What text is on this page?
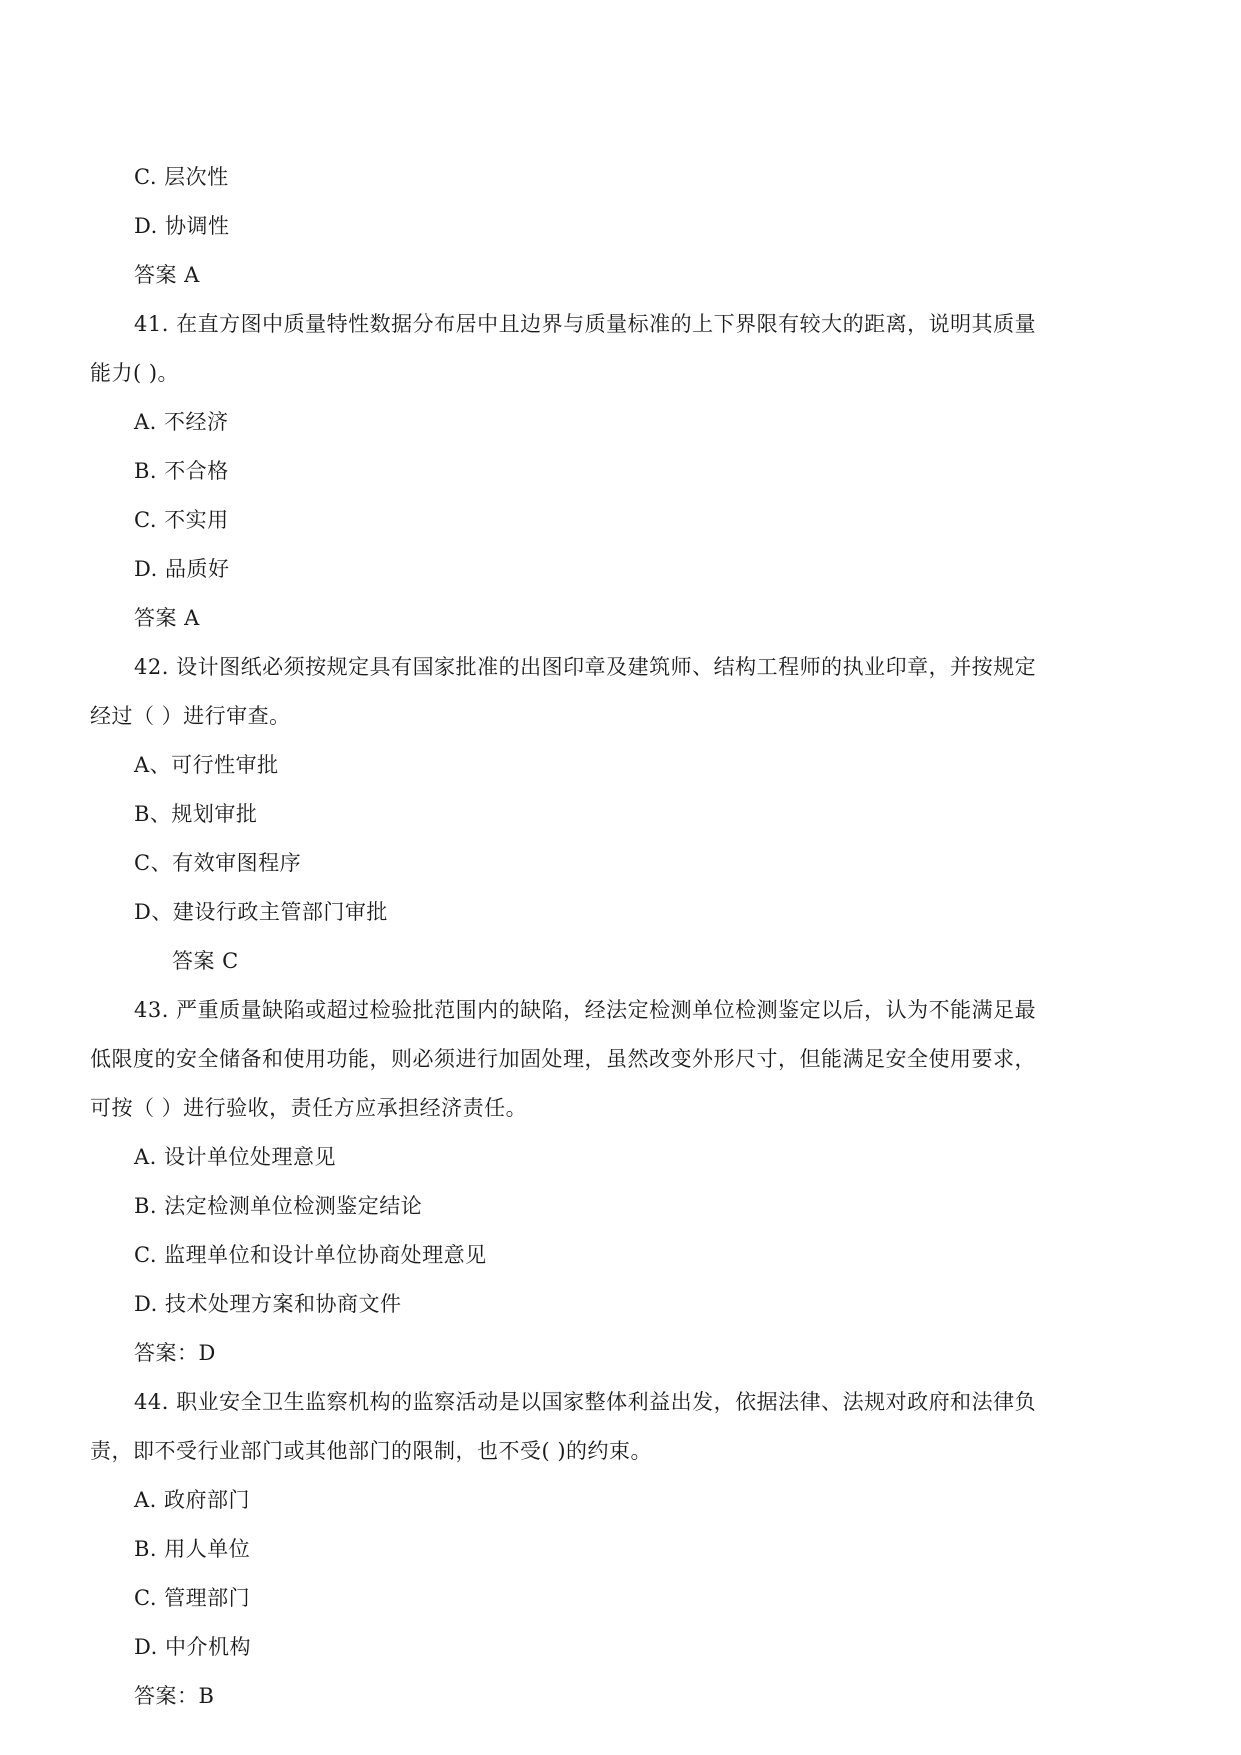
C. 层次性
D. 协调性
答案 A
41. 在直方图中质量特性数据分布居中且边界与质量标准的上下界限有较大的距离，说明其质量
能力( )。
A. 不经济
B. 不合格
C. 不实用
D. 品质好
答案 A
42. 设计图纸必须按规定具有国家批准的出图印章及建筑师、结构工程师的执业印章，并按规定
经过（ ）进行审查。
A、可行性审批
B、规划审批
C、有效审图程序
D、建设行政主管部门审批
答案 C
43. 严重质量缺陷或超过检验批范围内的缺陷，经法定检测单位检测鉴定以后，认为不能满足最
低限度的安全储备和使用功能，则必须进行加固处理，虽然改变外形尺寸，但能满足安全使用要求，
可按（ ）进行验收，责任方应承担经济责任。
A. 设计单位处理意见
B. 法定检测单位检测鉴定结论
C. 监理单位和设计单位协商处理意见
D. 技术处理方案和协商文件
答案：D
44. 职业安全卫生监察机构的监察活动是以国家整体利益出发，依据法律、法规对政府和法律负
责，即不受行业部门或其他部门的限制，也不受( )的约束。
A. 政府部门
B. 用人单位
C. 管理部门
D. 中介机构
答案：B
